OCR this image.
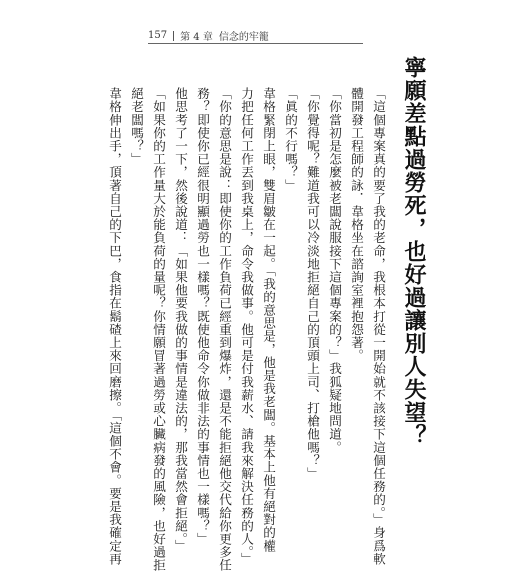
157 第 4 章 信念的牢籠
寧願差點過勞死，也好過讓別人失望？
「這個專案真的要了我的老命，我根本打從一開始就不該接下這個任務的。」身爲軟
體開發工程師的詠．韋格坐在諮詢室裡抱怨著。
「你當初是怎麼被老闆說服接下這個專案的？」我狐疑地問道。
「你覺得呢？難道我可以冷淡地拒絕自己的頂頭上司、打槍他嗎？」
「眞的不行嗎？」
韋格緊閉上眼，雙眉皺在一起。「我的意思是，他是我老闆。基本上他有絕對的權
力把任何工作丟到我桌上，命令我做事。他可是付我薪水、請我來解決任務的人。」
「你的意思是說：即使你的工作負荷已經重到爆炸，還是不能拒絕他交代給你更多任
務？即使你已經很明顯過勞也一樣嗎？既使他命令你做非法的事情也一樣嗎？」
他思考了一下，然後說道：「如果他要我做的事情是違法的，那我當然會拒絕。」
「如果你的工作量大於能負荷的量呢？你情願冒著過勞或心臟病發的風險，也好過拒
絕老闆嗎？」
韋格伸出手，頂著自己的下巴，食指在鬍碴上來回磨擦。「這個不會。要是我確定再
